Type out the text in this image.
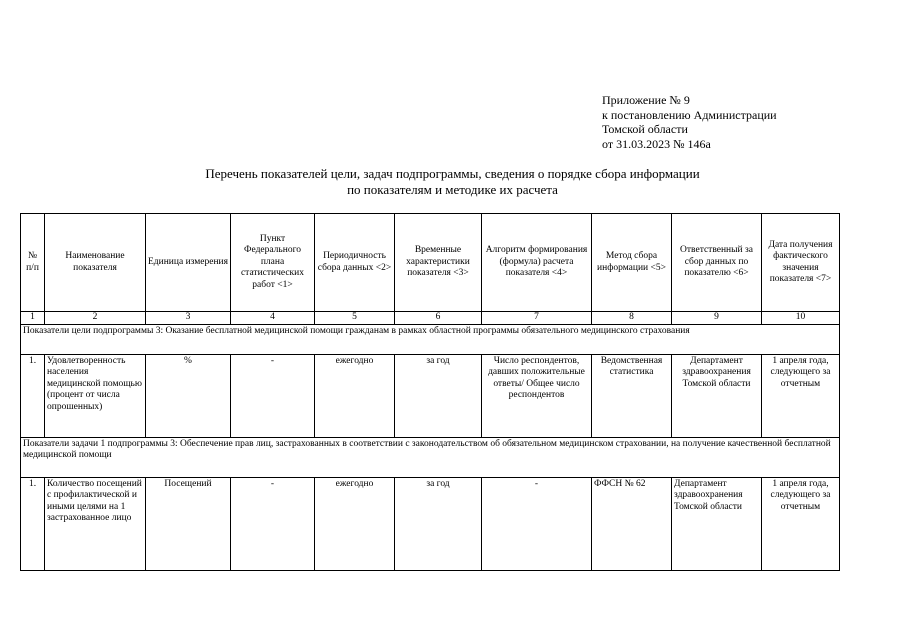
Приложение № 9
к постановлению Администрации
Томской области
от 31.03.2023 № 146а
Перечень показателей цели, задач подпрограммы, сведения о порядке сбора информации
по показателям и методике их расчета
№ п/п	Наименование показателя	Единица измерения	Пункт Федерального плана статистических работ <1>	Периодичность сбора данных <2>	Временные характеристики показателя <3>	Алгоритм формирования (формула) расчета показателя <4>	Метод сбора информации <5>	Ответственный за сбор данных по показателю <6>	Дата получения фактического значения показателя <7>
1	2	3	4	5	6	7	8	9	10
Показатели цели подпрограммы 3: Оказание бесплатной медицинской помощи гражданам в рамках областной программы обязательного медицинского страхования									
1.	Удовлетворенность населения медицинской помощью (процент от числа опрошенных)	%	-	ежегодно	за год	Число респондентов, давших положительные ответы/ Общее число респондентов	Ведомственная статистика	Департамент здравоохранения Томской области	1 апреля года, следующего за отчетным
Показатели задачи 1 подпрограммы 3: Обеспечение прав лиц, застрахованных в соответствии с законодательством об обязательном медицинском страховании, на получение качественной бесплатной медицинской помощи									
1.	Количество посещений с профилактической и иными целями на 1 застрахованное лицо	Посещений	-	ежегодно	за год	-	ФФСН № 62	Департамент здравоохранения Томской области	1 апреля года, следующего за отчетным
